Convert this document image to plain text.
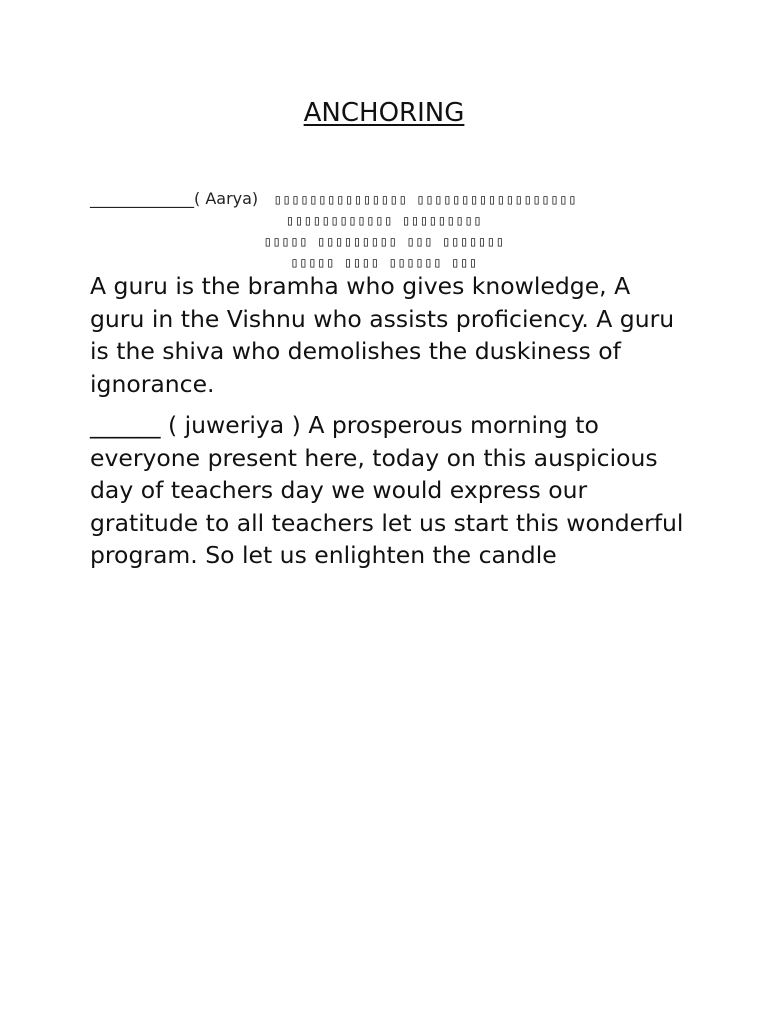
ANCHORING
_____________( Aarya) ▯▯▯▯▯▯▯▯▯▯▯▯▯▯▯ ▯▯▯▯▯▯▯▯▯▯▯▯▯▯▯▯▯▯
▯▯▯▯▯▯▯▯▯▯▯▯ ▯▯▯▯▯▯▯▯▯
▯▯▯▯▯ ▯▯▯▯▯▯▯▯▯ ▯▯▯ ▯▯▯▯▯▯▯
▯▯▯▯▯ ▯▯▯▯ ▯▯▯▯▯▯ ▯▯▯

A guru is the bramha who gives knowledge, A guru in the Vishnu who assists proficiency. A guru is the shiva who demolishes the duskiness of ignorance.

______ ( juweriya ) A prosperous morning to everyone present here, today on this auspicious day of teachers day we would express our gratitude to all teachers let us start this wonderful program. So let us enlighten the candle
